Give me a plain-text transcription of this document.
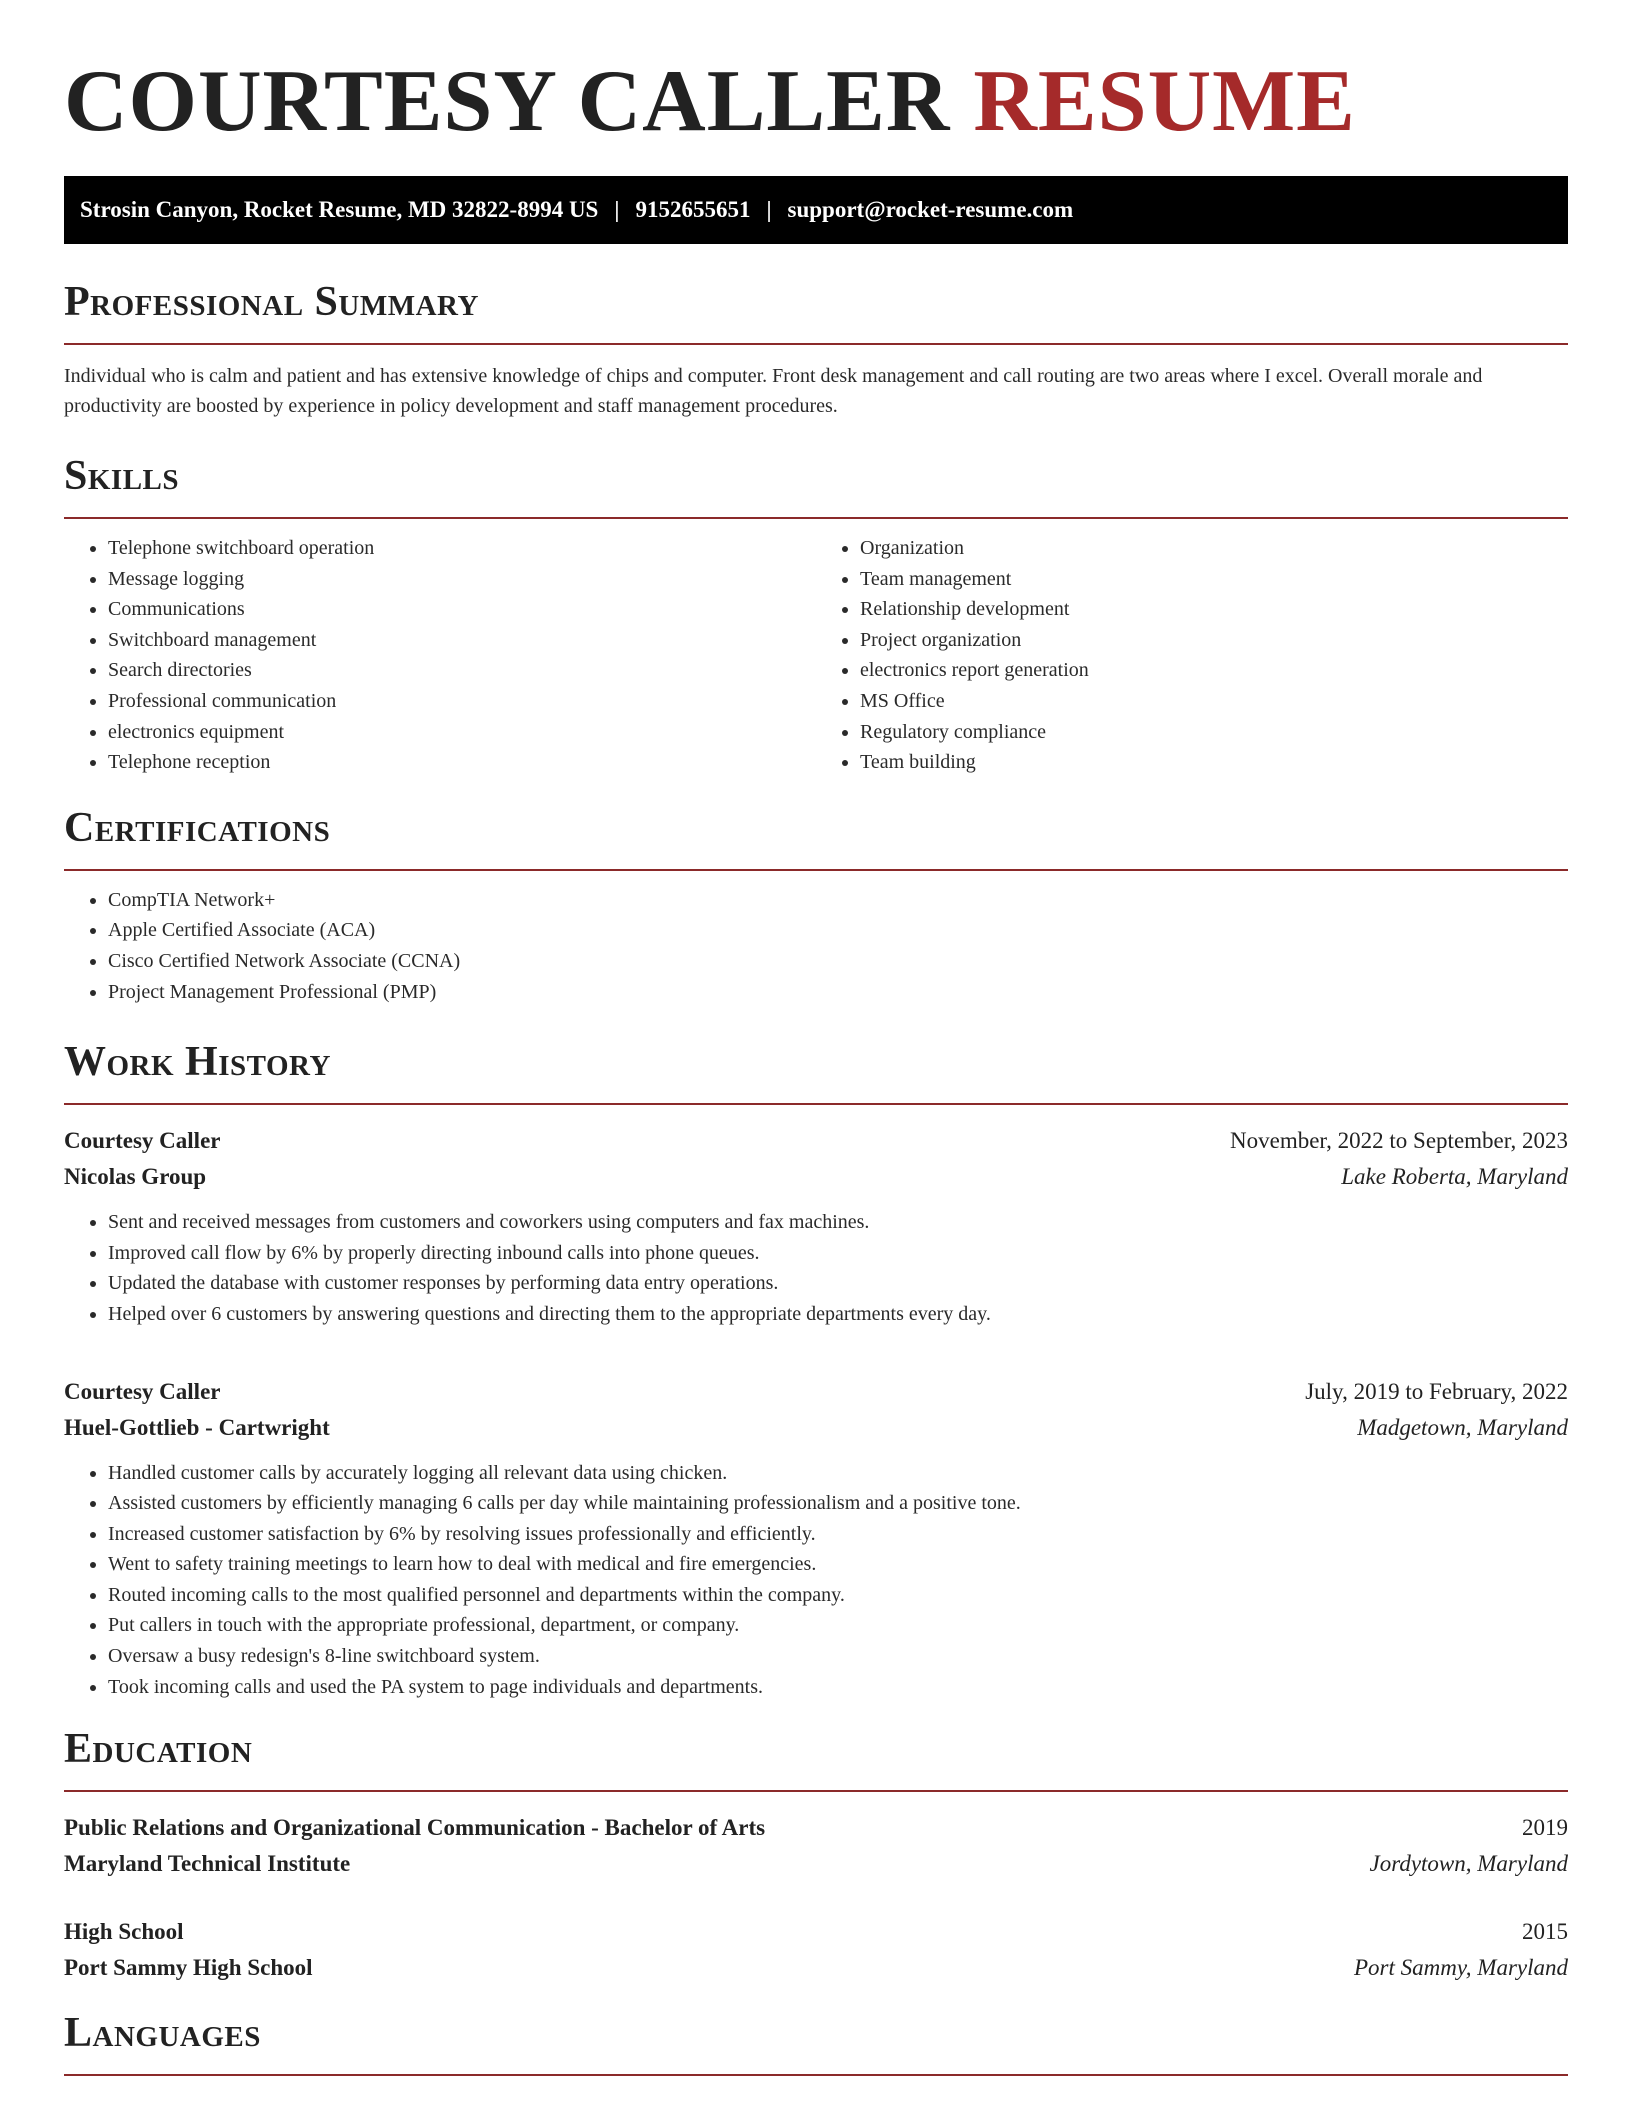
COURTESY CALLER RESUME
Strosin Canyon, Rocket Resume, MD 32822-8994 US | 9152655651 | support@rocket-resume.com
Professional Summary

Individual who is calm and patient and has extensive knowledge of chips and computer. Front desk management and call routing are two areas where I excel. Overall morale and productivity are boosted by experience in policy development and staff management procedures.

Skills
• Telephone switchboard operation
• Message logging
• Communications
• Switchboard management
• Search directories
• Professional communication
• electronics equipment
• Telephone reception
• Organization
• Team management
• Relationship development
• Project organization
• electronics report generation
• MS Office
• Regulatory compliance
• Team building
Certifications
• CompTIA Network+
• Apple Certified Associate (ACA)
• Cisco Certified Network Associate (CCNA)
• Project Management Professional (PMP)
Work History
Courtesy Caller	November, 2022 to September, 2023
Nicolas Group	Lake Roberta, Maryland
• Sent and received messages from customers and coworkers using computers and fax machines.
• Improved call flow by 6% by properly directing inbound calls into phone queues.
• Updated the database with customer responses by performing data entry operations.
• Helped over 6 customers by answering questions and directing them to the appropriate departments every day.
Courtesy Caller	July, 2019 to February, 2022
Huel-Gottlieb - Cartwright	Madgetown, Maryland
• Handled customer calls by accurately logging all relevant data using chicken.
• Assisted customers by efficiently managing 6 calls per day while maintaining professionalism and a positive tone.
• Increased customer satisfaction by 6% by resolving issues professionally and efficiently.
• Went to safety training meetings to learn how to deal with medical and fire emergencies.
• Routed incoming calls to the most qualified personnel and departments within the company.
• Put callers in touch with the appropriate professional, department, or company.
• Oversaw a busy redesign's 8-line switchboard system.
• Took incoming calls and used the PA system to page individuals and departments.
Education
Public Relations and Organizational Communication - Bachelor of Arts	2019
Maryland Technical Institute	Jordytown, Maryland
High School	2015
Port Sammy High School	Port Sammy, Maryland
Languages
